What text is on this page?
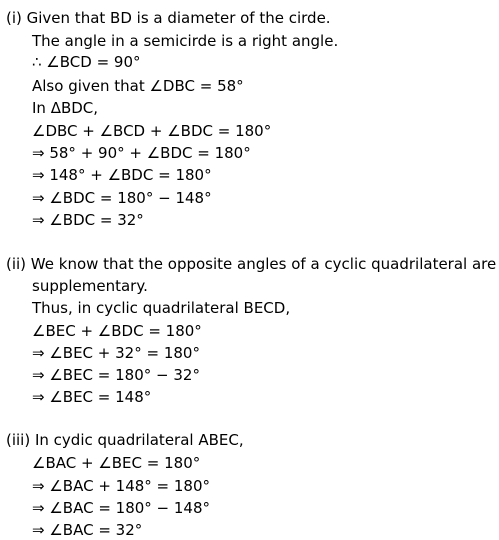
(i) Given that BD is a diameter of the cirde.
The angle in a semicirde is a right angle.
∴ ∠BCD = 90°
Also given that ∠DBC = 58°
In ΔBDC,
∠DBC + ∠BCD + ∠BDC = 180°
⇒ 58° + 90° + ∠BDC = 180°
⇒ 148° + ∠BDC = 180°
⇒ ∠BDC = 180° − 148°
⇒ ∠BDC = 32°
(ii) We know that the opposite angles of a cyclic quadrilateral are
supplementary.
Thus, in cyclic quadrilateral BECD,
∠BEC + ∠BDC = 180°
⇒ ∠BEC + 32° = 180°
⇒ ∠BEC = 180° − 32°
⇒ ∠BEC = 148°
(iii) In cydic quadrilateral ABEC,
∠BAC + ∠BEC = 180°
⇒ ∠BAC + 148° = 180°
⇒ ∠BAC = 180° − 148°
⇒ ∠BAC = 32°
